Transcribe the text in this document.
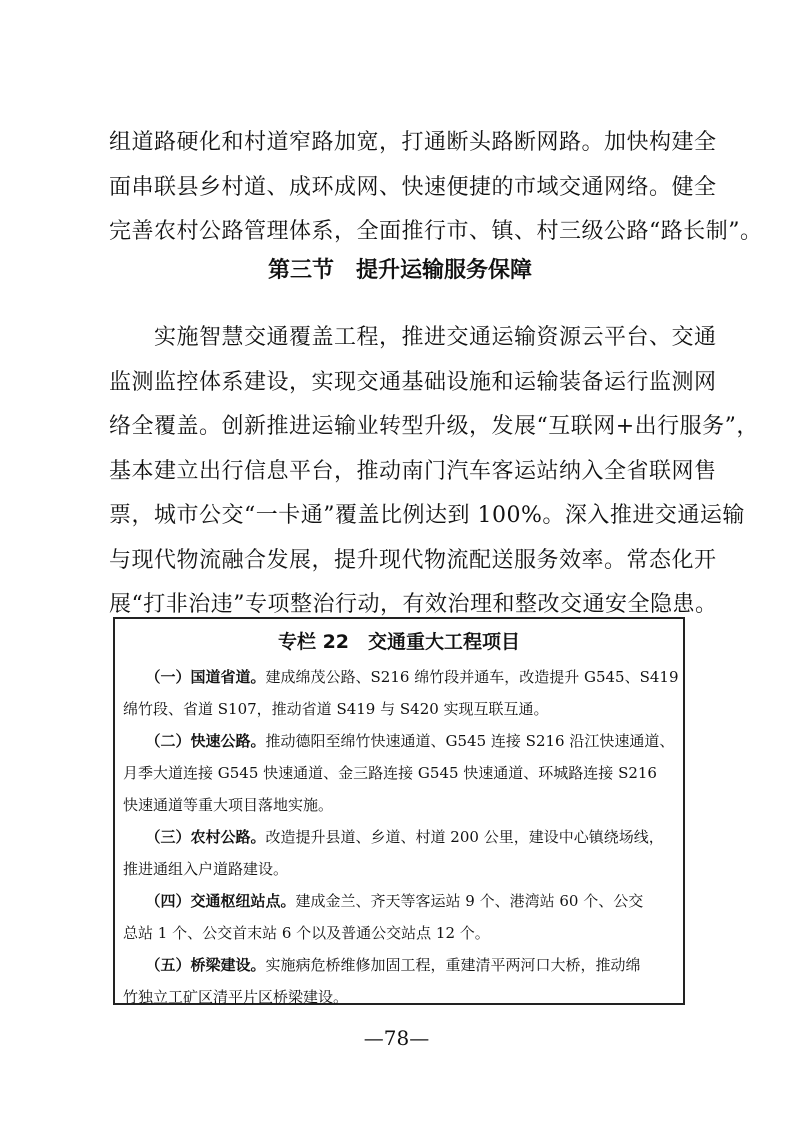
组道路硬化和村道窄路加宽，打通断头路断网路。加快构建全
面串联县乡村道、成环成网、快速便捷的市域交通网络。健全
完善农村公路管理体系，全面推行市、镇、村三级公路“路长制”。

第三节　提升运输服务保障

　　实施智慧交通覆盖工程，推进交通运输资源云平台、交通
监测监控体系建设，实现交通基础设施和运输装备运行监测网
络全覆盖。创新推进运输业转型升级，发展“互联网+出行服务”，
基本建立出行信息平台，推动南门汽车客运站纳入全省联网售
票，城市公交“一卡通”覆盖比例达到 100%。深入推进交通运输
与现代物流融合发展，提升现代物流配送服务效率。常态化开
展“打非治违”专项整治行动，有效治理和整改交通安全隐患。

专栏 22　交通重大工程项目
　　（一）国道省道。建成绵茂公路、S216 绵竹段并通车，改造提升 G545、S419
绵竹段、省道 S107，推动省道 S419 与 S420 实现互联互通。
　　（二）快速公路。推动德阳至绵竹快速通道、G545 连接 S216 沿江快速通道、
月季大道连接 G545 快速通道、金三路连接 G545 快速通道、环城路连接 S216
快速通道等重大项目落地实施。
　　（三）农村公路。改造提升县道、乡道、村道 200 公里，建设中心镇绕场线，
推进通组入户道路建设。
　　（四）交通枢纽站点。建成金兰、齐天等客运站 9 个、港湾站 60 个、公交
总站 1 个、公交首末站 6 个以及普通公交站点 12 个。
　　（五）桥梁建设。实施病危桥维修加固工程，重建清平两河口大桥，推动绵
竹独立工矿区清平片区桥梁建设。

—78—
